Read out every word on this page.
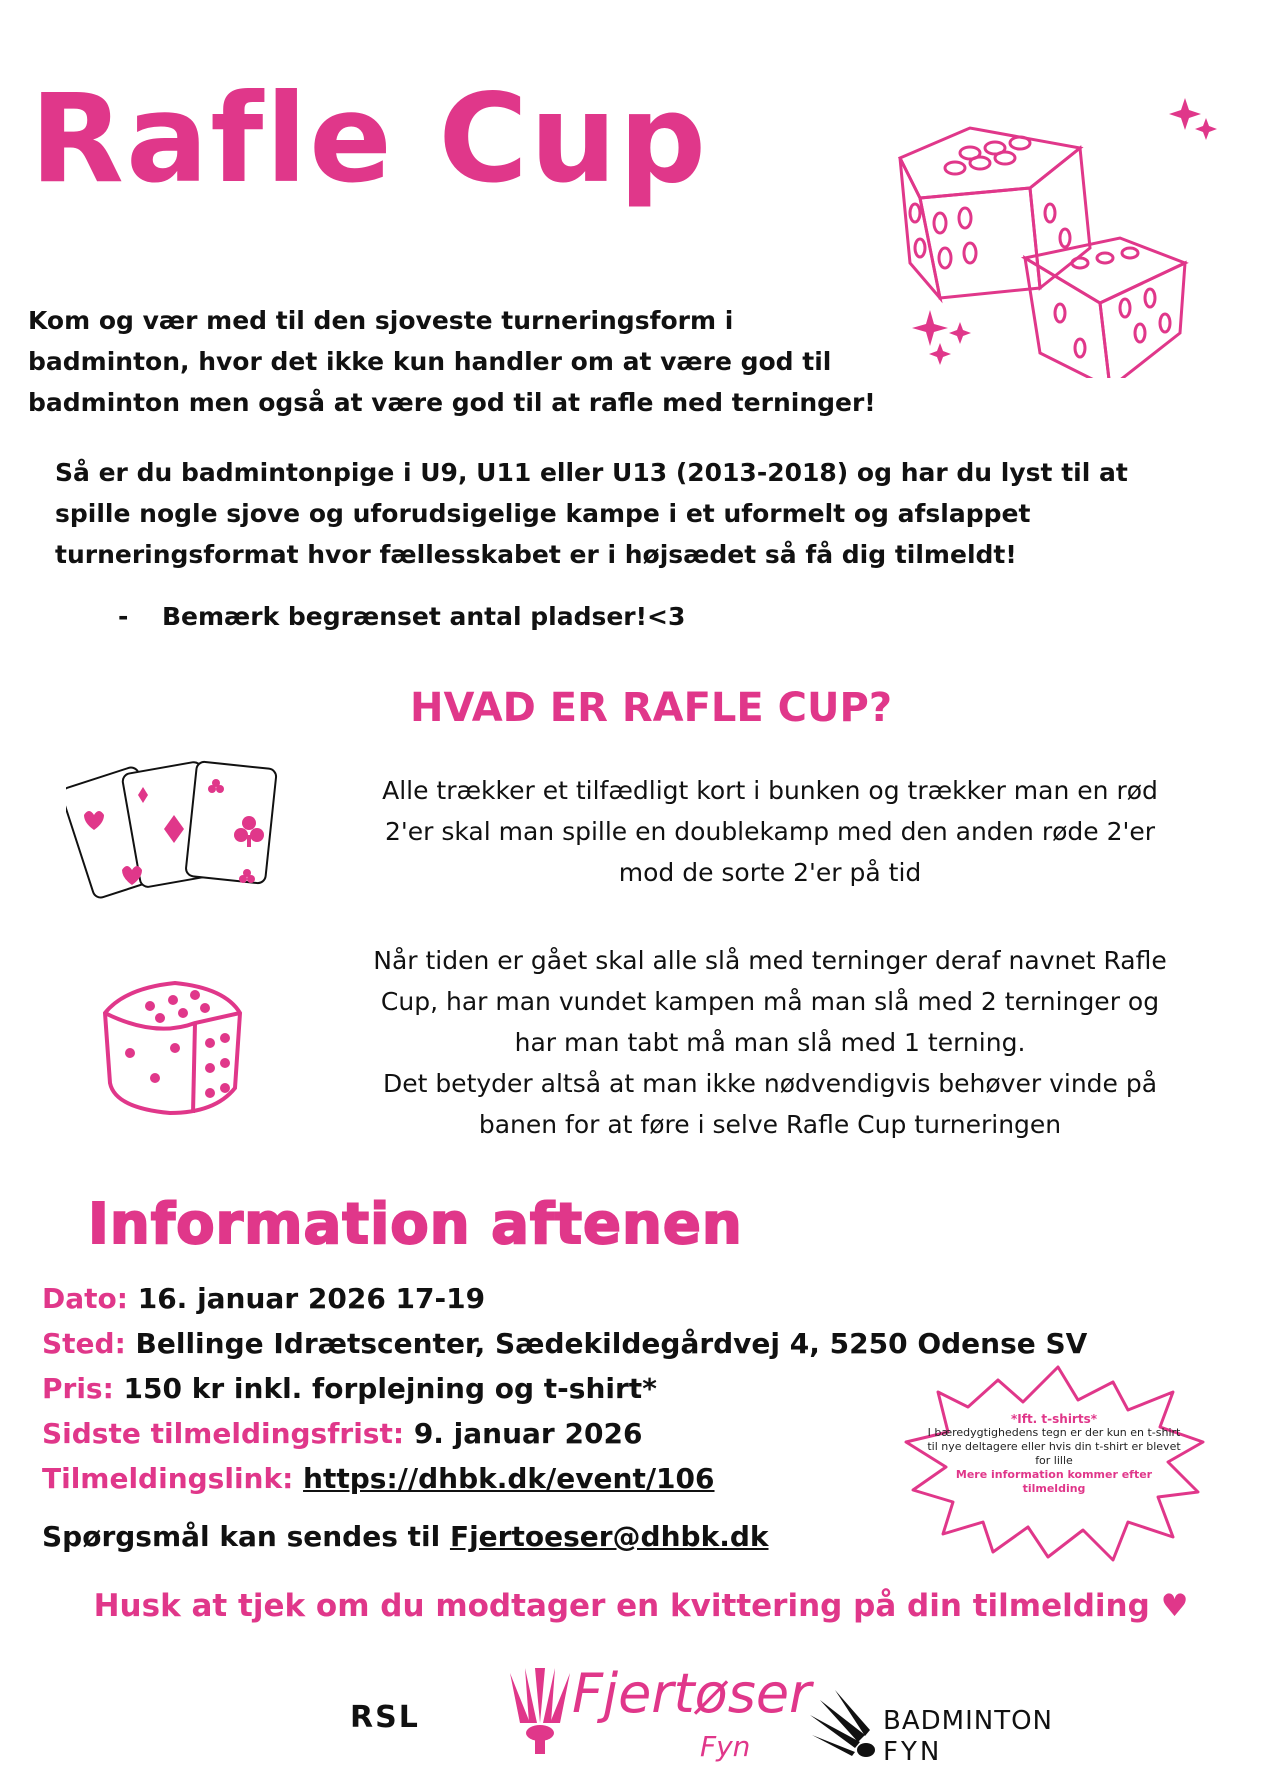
Rafle Cup
Kom og vær med til den sjoveste turneringsform i
badminton, hvor det ikke kun handler om at være god til
badminton men også at være god til at rafle med terninger!
Så er du badmintonpige i U9, U11 eller U13 (2013-2018) og har du lyst til at
spille nogle sjove og uforudsigelige kampe i et uformelt og afslappet
turneringsformat hvor fællesskabet er i højsædet så få dig tilmeldt!
- Bemærk begrænset antal pladser!<3
HVAD ER RAFLE CUP?
Alle trækker et tilfædligt kort i bunken og trækker man en rød
2'er skal man spille en doublekamp med den anden røde 2'er
mod de sorte 2'er på tid
Når tiden er gået skal alle slå med terninger deraf navnet Rafle
Cup, har man vundet kampen må man slå med 2 terninger og
har man tabt må man slå med 1 terning.
Det betyder altså at man ikke nødvendigvis behøver vinde på
banen for at føre i selve Rafle Cup turneringen
Information aftenen
Dato: 16. januar 2026 17-19
Sted: Bellinge Idrætscenter, Sædekildegårdvej 4, 5250 Odense SV
Pris: 150 kr inkl. forplejning og t-shirt*
Sidste tilmeldingsfrist: 9. januar 2026
Tilmeldingslink: https://dhbk.dk/event/106
Spørgsmål kan sendes til Fjertoeser@dhbk.dk
*Ift. t-shirts*
I bæredygtighedens tegn er der kun en t-shirt til nye deltagere eller hvis din t-shirt er blevet for lille
Mere information kommer efter tilmelding
Husk at tjek om du modtager en kvittering på din tilmelding ♥
RSL	Fjertøser
Fyn
BADMINTON
FYN
